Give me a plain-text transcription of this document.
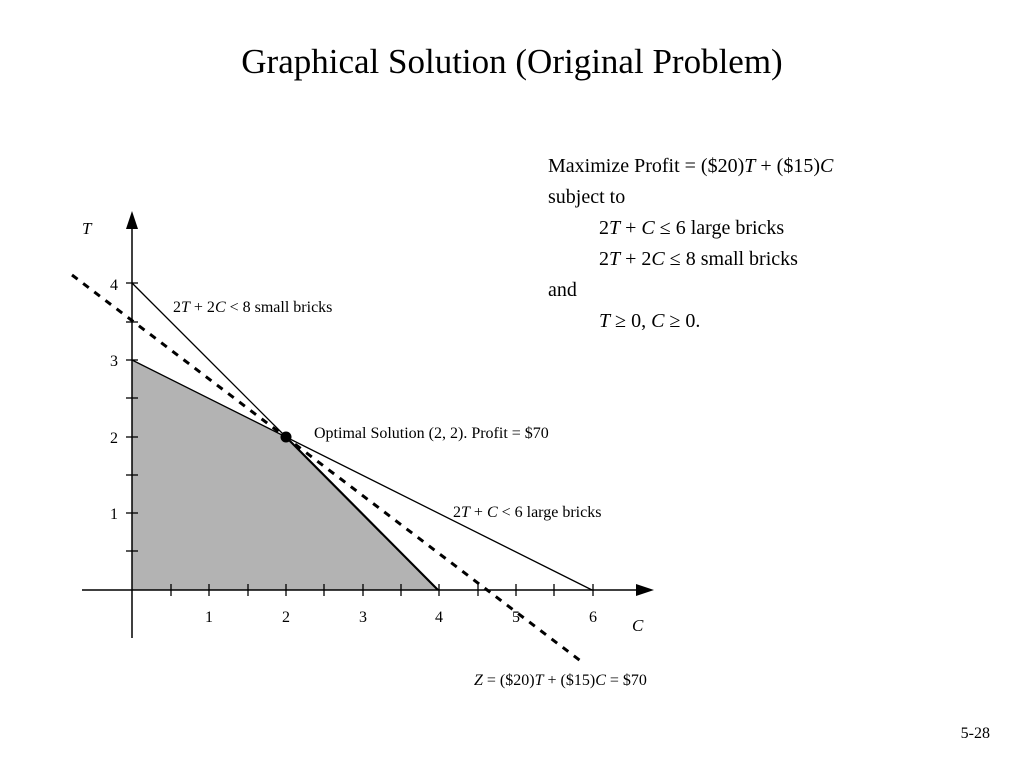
Graphical Solution (Original Problem)
Maximize Profit = ($20)T + ($15)C
subject to
2T + C ≤ 6 large bricks
2T + 2C ≤ 8 small bricks
and
T ≥ 0, C ≥ 0.
1	2	3	4	5	6
1
2
3
4
T
C
2T + 2C < 8 small bricks
Optimal Solution (2, 2). Profit = $70
2T + C < 6 large bricks
Z = ($20)T + ($15)C = $70
5-28
